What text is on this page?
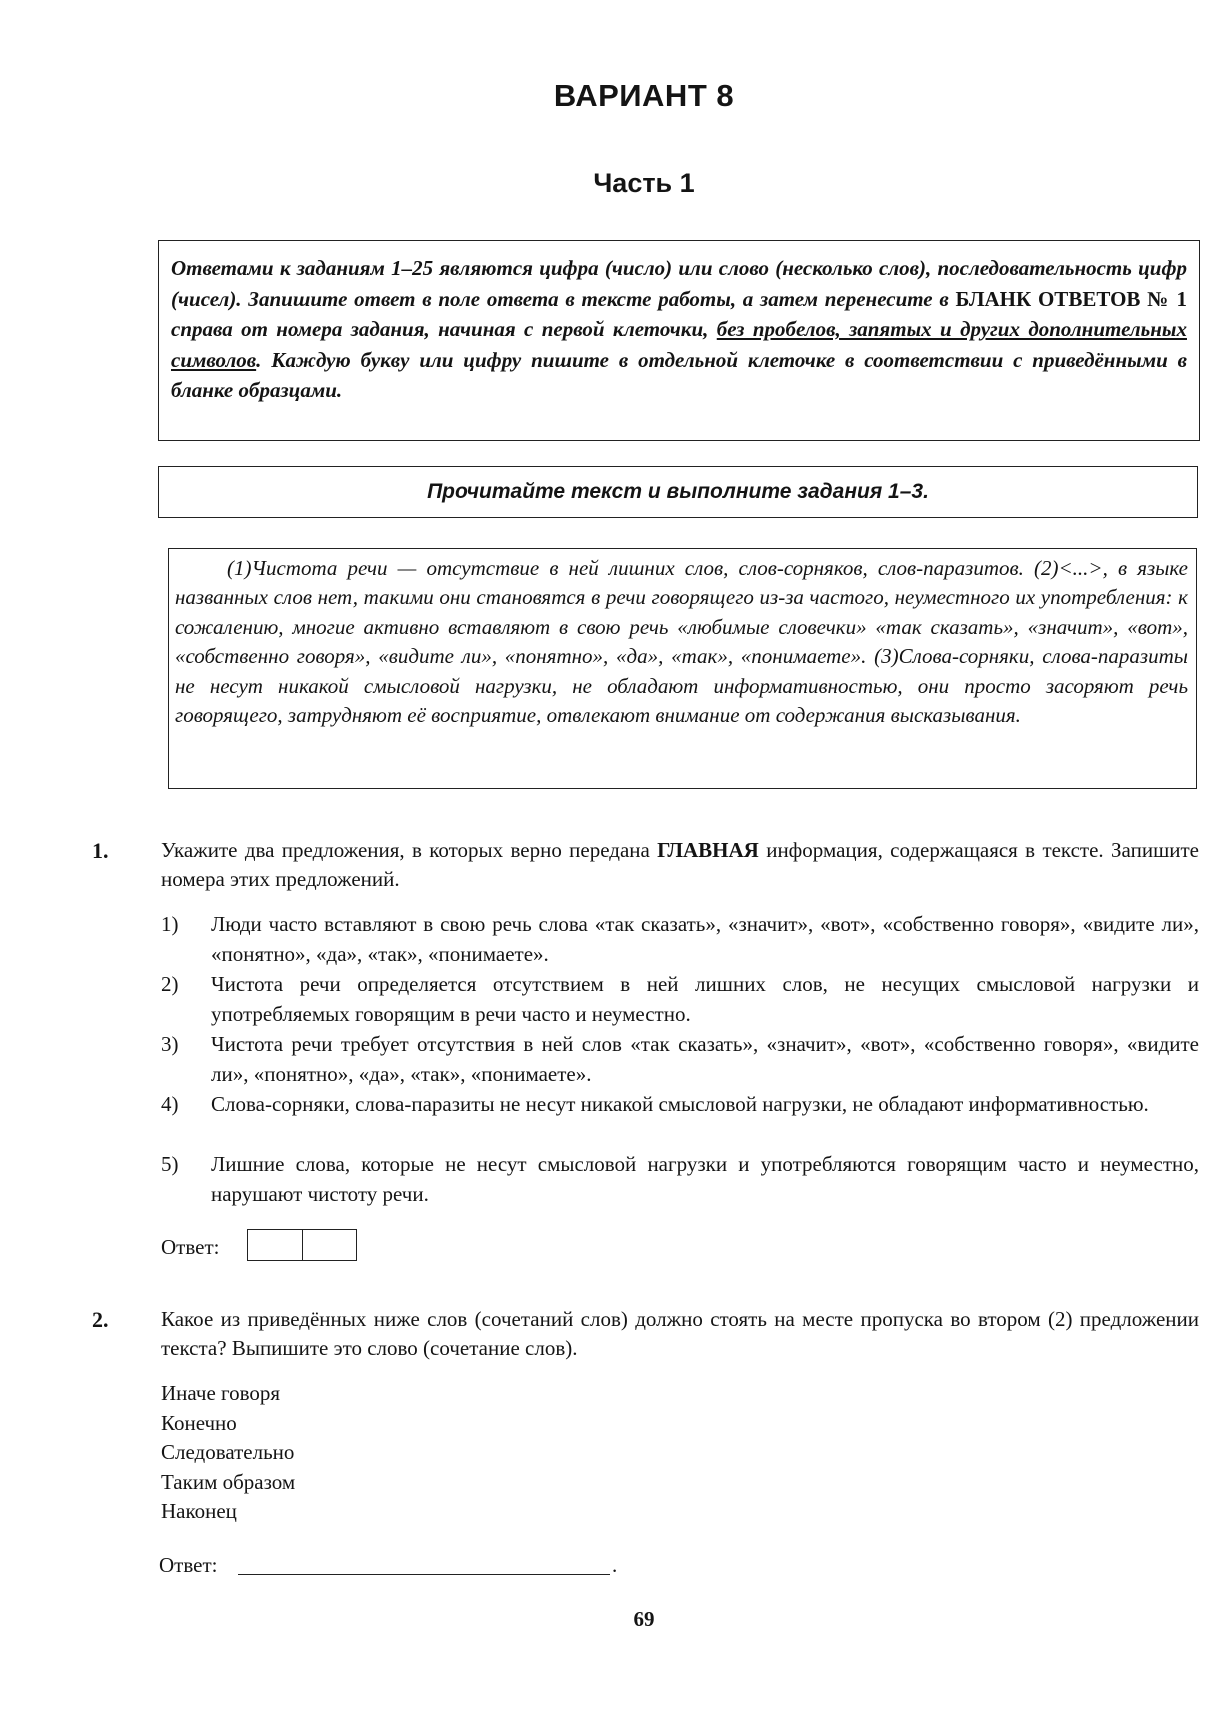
ВАРИАНТ 8
Часть 1
Ответами к заданиям 1–25 являются цифра (число) или слово (несколько слов), последовательность цифр (чисел). Запишите ответ в поле ответа в тексте работы, а затем перенесите в БЛАНК ОТВЕТОВ № 1 справа от номера задания, начиная с первой клеточки, без пробелов, запятых и других дополнительных символов. Каждую букву или цифру пишите в отдельной клеточке в соответствии с приведёнными в бланке образцами.
Прочитайте текст и выполните задания 1–3.

(1)Чистота речи — отсутствие в ней лишних слов, слов-сорняков, слов-паразитов. (2)<...>, в языке названных слов нет, такими они становятся в речи говорящего из-за частого, неуместного их употребления: к сожалению, многие активно вставляют в свою речь «любимые словечки» «так сказать», «значит», «вот», «собственно говоря», «видите ли», «понятно», «да», «так», «понимаете». (3)Слова-сорняки, слова-паразиты не несут никакой смысловой нагрузки, не обладают информативностью, они просто засоряют речь говорящего, затрудняют её восприятие, отвлекают внимание от содержания высказывания.

1.	Укажите два предложения, в которых верно передана ГЛАВНАЯ информация, содержащаяся в тексте. Запишите номера этих предложений.
1)	Люди часто вставляют в свою речь слова «так сказать», «значит», «вот», «собственно говоря», «видите ли», «понятно», «да», «так», «понимаете».
2)	Чистота речи определяется отсутствием в ней лишних слов, не несущих смысловой нагрузки и употребляемых говорящим в речи часто и неуместно.
3)	Чистота речи требует отсутствия в ней слов «так сказать», «значит», «вот», «собственно говоря», «видите ли», «понятно», «да», «так», «понимаете».
4)	Слова-сорняки, слова-паразиты не несут никакой смысловой нагрузки, не обладают информативностью.
5)	Лишние слова, которые не несут смысловой нагрузки и употребляются говорящим часто и неуместно, нарушают чистоту речи.
Ответ:
2.	Какое из приведённых ниже слов (сочетаний слов) должно стоять на месте пропуска во втором (2) предложении текста? Выпишите это слово (сочетание слов).
Иначе говоря
Конечно
Следовательно
Таким образом
Наконец
Ответ:	.
69
